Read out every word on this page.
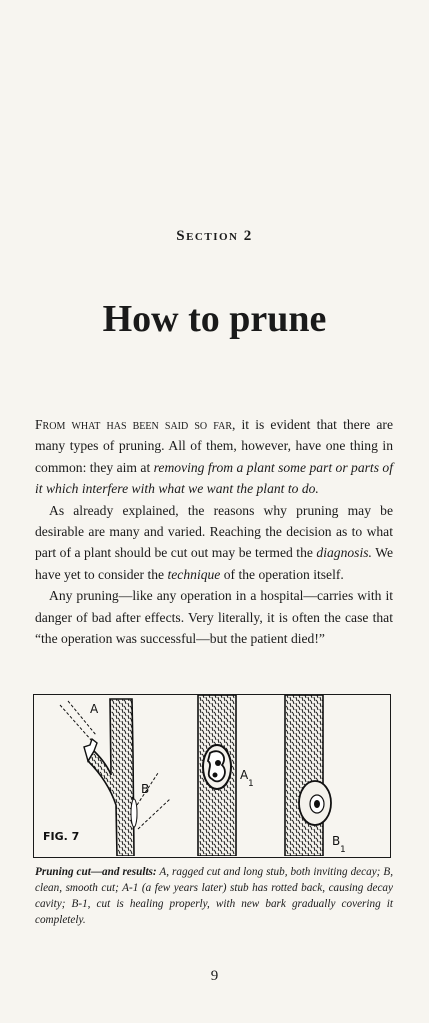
Section 2
How to prune

From what has been said so far, it is evident that there are many types of pruning. All of them, however, have one thing in common: they aim at removing from a plant some part or parts of it which interfere with what we want the plant to do.

As already explained, the reasons why pruning may be desirable are many and varied. Reaching the decision as to what part of a plant should be cut out may be termed the diagnosis. We have yet to consider the technique of the operation itself.

Any pruning—like any operation in a hospital—carries with it danger of bad after effects. Very literally, it is often the case that “the operation was successful—but the patient died!”

A
B
A
1
B
1
FIG. 7
Pruning cut—and results: A, ragged cut and long stub, both inviting decay; B, clean, smooth cut; A-1 (a few years later) stub has rotted back, causing decay cavity; B-1, cut is healing properly, with new bark gradually covering it completely.
9
